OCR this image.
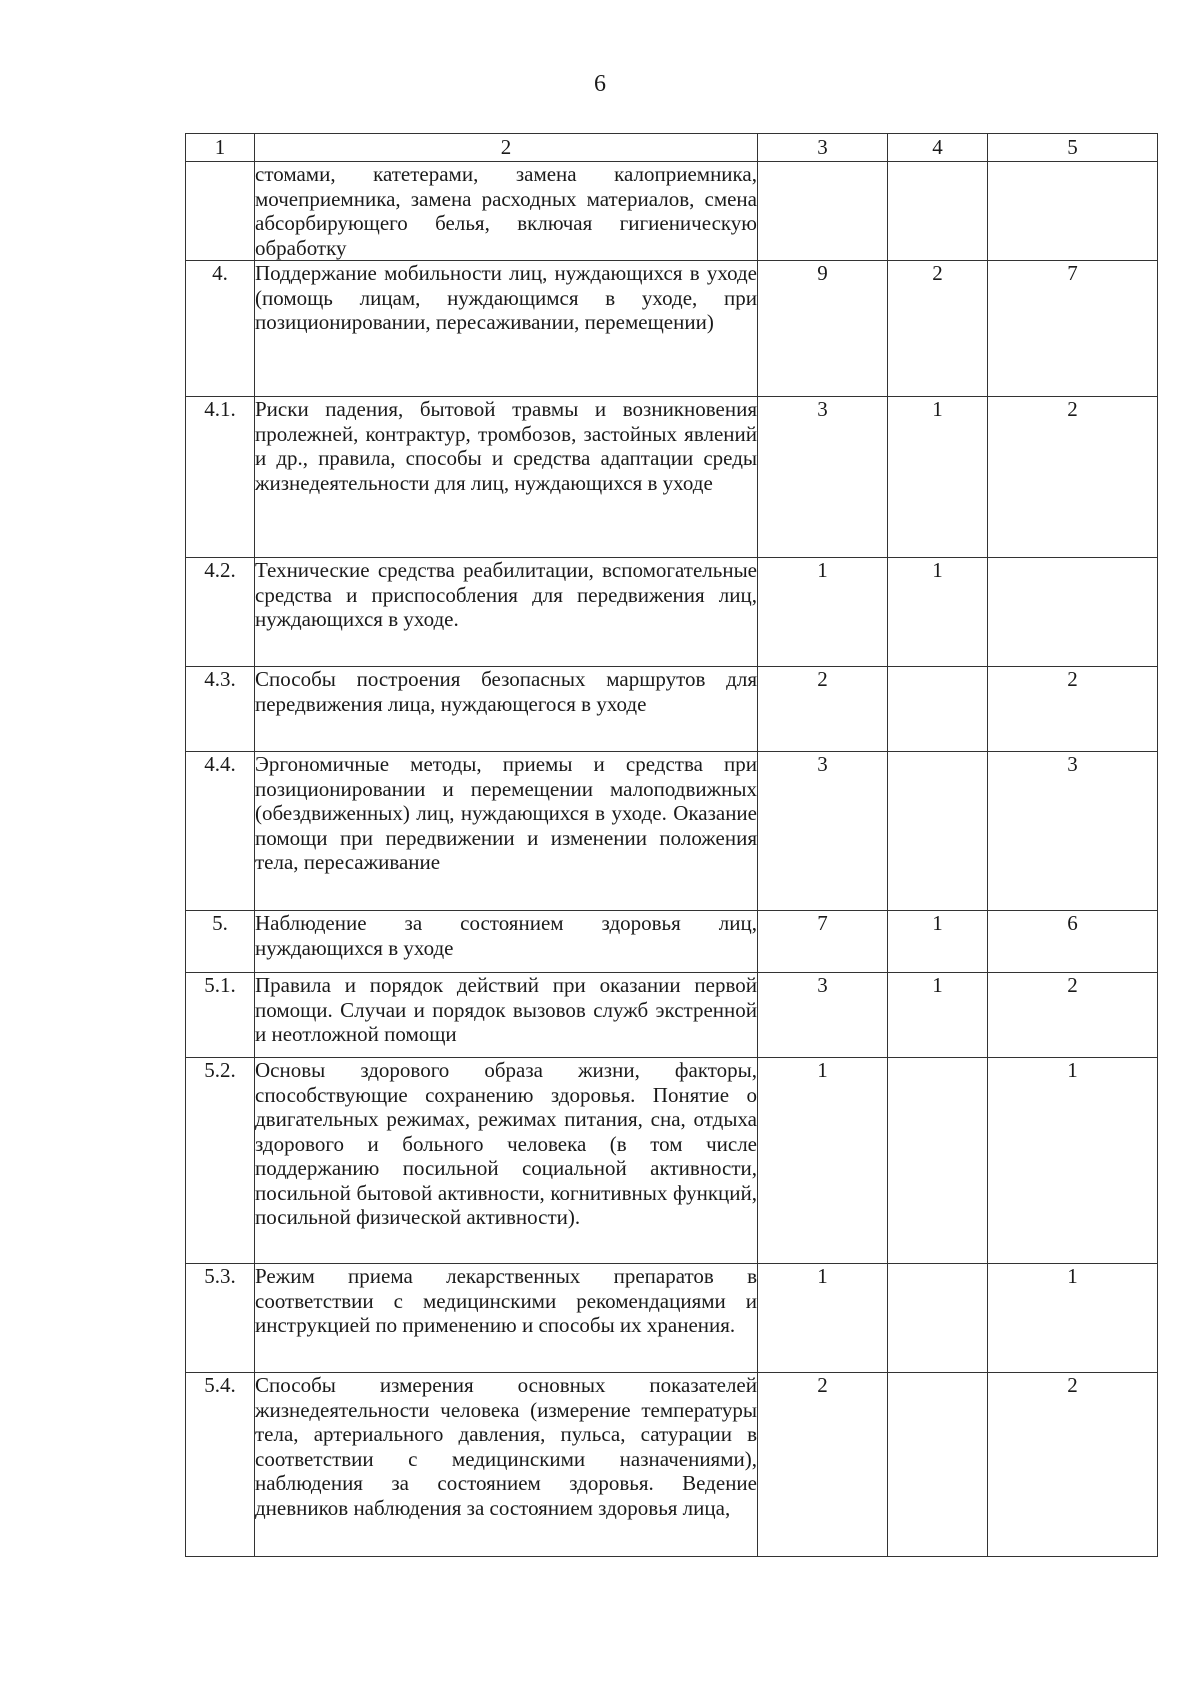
6
1	2	3	4	5
	стомами, катетерами, замена калоприемника, мочеприемника, замена расходных материалов, смена абсорбирующего белья, включая гигиеническую обработку			
4.	Поддержание мобильности лиц, нуждающихся в уходе (помощь лицам, нуждающимся в уходе, при позиционировании, пересаживании, перемещении)	9	2	7
4.1.	Риски падения, бытовой травмы и возникновения пролежней, контрактур, тромбозов, застойных явлений и др., правила, способы и средства адаптации среды жизнедеятельности для лиц, нуждающихся в уходе	3	1	2
4.2.	Технические средства реабилитации, вспомогательные средства и приспособления для передвижения лиц, нуждающихся в уходе.	1	1	
4.3.	Способы построения безопасных маршрутов для передвижения лица, нуждающегося в уходе	2		2
4.4.	Эргономичные методы, приемы и средства при позиционировании и перемещении малоподвижных (обездвиженных) лиц, нуждающихся в уходе. Оказание помощи при передвижении и изменении положения тела, пересаживание	3		3
5.	Наблюдение за состоянием здоровья лиц, нуждающихся в уходе	7	1	6
5.1.	Правила и порядок действий при оказании первой помощи. Случаи и порядок вызовов служб экстренной и неотложной помощи	3	1	2
5.2.	Основы здорового образа жизни, факторы, способствующие сохранению здоровья. Понятие о двигательных режимах, режимах питания, сна, отдыха здорового и больного человека (в том числе поддержанию посильной социальной активности, посильной бытовой активности, когнитивных функций, посильной физической активности).	1		1
5.3.	Режим приема лекарственных препаратов в соответствии с медицинскими рекомендациями и инструкцией по применению и способы их хранения.	1		1
5.4.	Способы измерения основных показателей жизнедеятельности человека (измерение температуры тела, артериального давления, пульса, сатурации в соответствии с медицинскими назначениями), наблюдения за состоянием здоровья. Ведение дневников наблюдения за состоянием здоровья лица,	2		2
